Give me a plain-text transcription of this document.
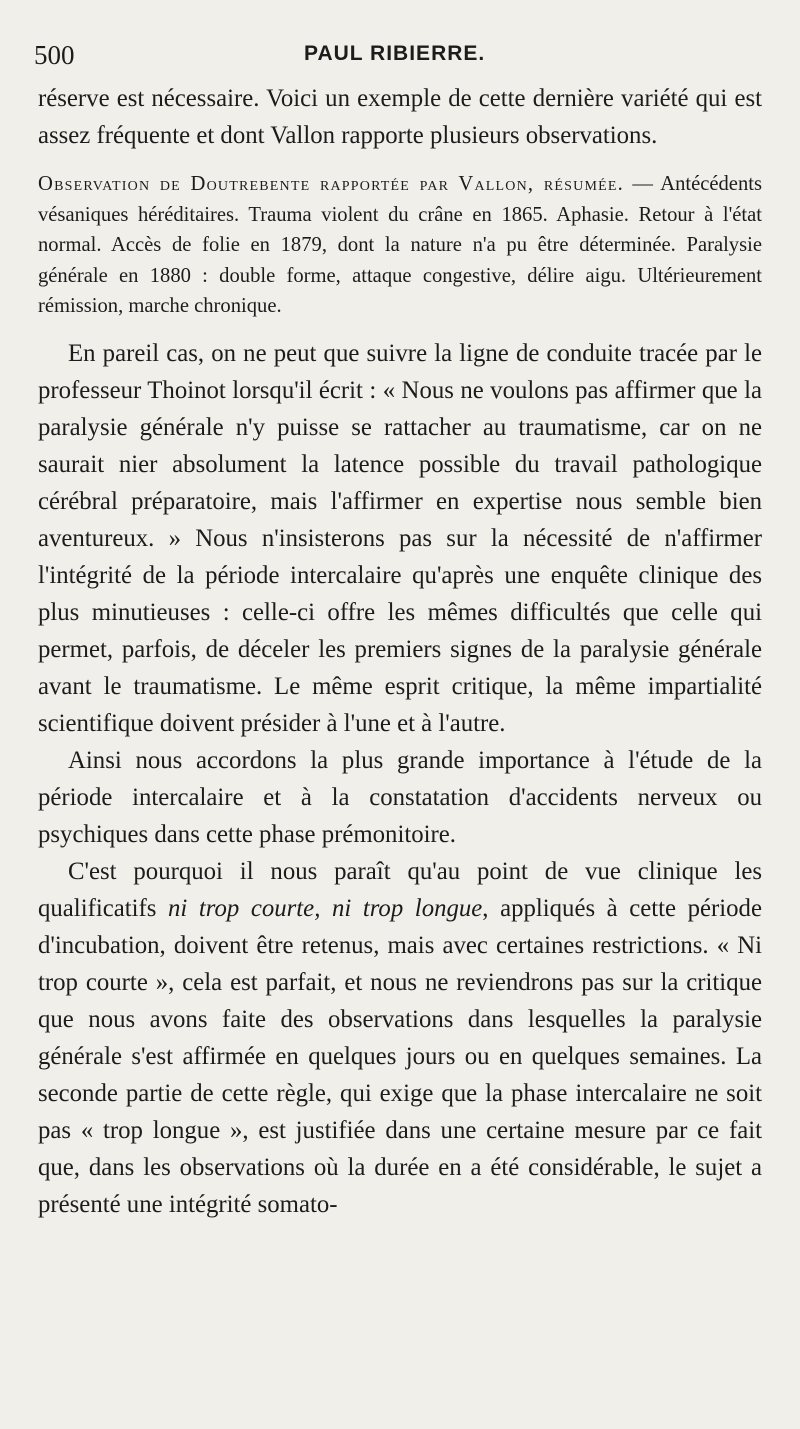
500	PAUL RIBIERRE.

réserve est nécessaire. Voici un exemple de cette dernière variété qui est assez fréquente et dont Vallon rapporte plusieurs observations.

Observation de Doutrebente rapportée par Vallon, résumée. — Antécédents vésaniques héréditaires. Trauma violent du crâne en 1865. Aphasie. Retour à l'état normal. Accès de folie en 1879, dont la nature n'a pu être déterminée. Paralysie générale en 1880 : double forme, attaque congestive, délire aigu. Ultérieurement rémission, marche chronique.

En pareil cas, on ne peut que suivre la ligne de conduite tracée par le professeur Thoinot lorsqu'il écrit : « Nous ne voulons pas affirmer que la paralysie générale n'y puisse se rattacher au traumatisme, car on ne saurait nier absolument la latence possible du travail pathologique cérébral préparatoire, mais l'affirmer en expertise nous semble bien aventureux. » Nous n'insisterons pas sur la nécessité de n'affirmer l'intégrité de la période intercalaire qu'après une enquête clinique des plus minutieuses : celle-ci offre les mêmes difficultés que celle qui permet, parfois, de déceler les premiers signes de la paralysie générale avant le traumatisme. Le même esprit critique, la même impartialité scientifique doivent présider à l'une et à l'autre.

Ainsi nous accordons la plus grande importance à l'étude de la période intercalaire et à la constatation d'accidents nerveux ou psychiques dans cette phase prémonitoire.

C'est pourquoi il nous paraît qu'au point de vue clinique les qualificatifs ni trop courte, ni trop longue, appliqués à cette période d'incubation, doivent être retenus, mais avec certaines restrictions. « Ni trop courte », cela est parfait, et nous ne reviendrons pas sur la critique que nous avons faite des observations dans lesquelles la paralysie générale s'est affirmée en quelques jours ou en quelques semaines. La seconde partie de cette règle, qui exige que la phase intercalaire ne soit pas « trop longue », est justifiée dans une certaine mesure par ce fait que, dans les observations où la durée en a été considérable, le sujet a présenté une intégrité somato-
